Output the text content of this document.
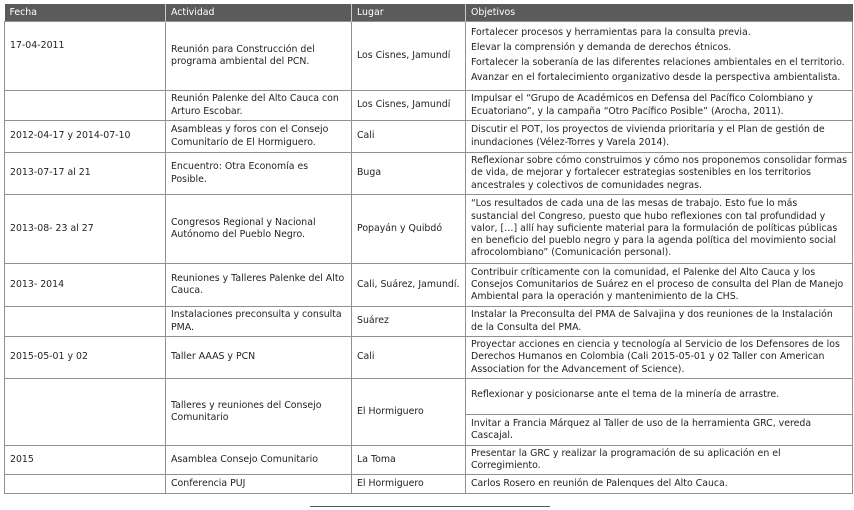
Fecha	Actividad	Lugar	Objetivos
17-04-2011	Reunión para Construcción del programa ambiental del PCN.	Los Cisnes, Jamundí	Fortalecer procesos y herramientas para la consulta previa.
Elevar la comprensión y demanda de derechos étnicos.
Fortalecer la soberanía de las diferentes relaciones ambientales en el territorio.
Avanzar en el fortalecimiento organizativo desde la perspectiva ambientalista.

	Reunión Palenke del Alto Cauca con Arturo Escobar.	Los Cisnes, Jamundí	Impulsar el “Grupo de Académicos en Defensa del Pacífico Colombiano y Ecuatoriano”, y la campaña “Otro Pacífico Posible” (Arocha, 2011).
2012-04-17 y 2014-07-10	Asambleas y foros con el Consejo Comunitario de El Hormiguero.	Cali	Discutir el POT, los proyectos de vivienda prioritaria y el Plan de gestión de inundaciones (Vélez-Torres y Varela 2014).
2013-07-17 al 21	Encuentro: Otra Economía es Posible.	Buga	Reflexionar sobre cómo construimos y cómo nos proponemos consolidar formas de vida, de mejorar y fortalecer estrategias sostenibles en los territorios ancestrales y colectivos de comunidades negras.
2013-08- 23 al 27	Congresos Regional y Nacional Autónomo del Pueblo Negro.	Popayán y Quibdó	“Los resultados de cada una de las mesas de trabajo. Esto fue lo más sustancial del Congreso, puesto que hubo reflexiones con tal profundidad y valor, […] allí hay suficiente material para la formulación de políticas públicas en beneficio del pueblo negro y para la agenda política del movimiento social afrocolombiano” (Comunicación personal).
2013- 2014	Reuniones y Talleres Palenke del Alto Cauca.	Cali, Suárez, Jamundí.	Contribuir críticamente con la comunidad, el Palenke del Alto Cauca y los Consejos Comunitarios de Suárez en el proceso de consulta del Plan de Manejo Ambiental para la operación y mantenimiento de la CHS.
	Instalaciones preconsulta y consulta PMA.	Suárez	Instalar la Preconsulta del PMA de Salvajina y dos reuniones de la Instalación de la Consulta del PMA.
2015-05-01 y 02	Taller AAAS y PCN	Cali	Proyectar acciones en ciencia y tecnología al Servicio de los Defensores de los Derechos Humanos en Colombia (Cali 2015-05-01 y 02 Taller con American Association for the Advancement of Science).
	Talleres y reuniones del Consejo Comunitario	El Hormiguero	Reflexionar y posicionarse ante el tema de la minería de arrastre.
Invitar a Francia Márquez al Taller de uso de la herramienta GRC, vereda Cascajal.

2015	Asamblea Consejo Comunitario	La Toma	Presentar la GRC y realizar la programación de su aplicación en el Corregimiento.
	Conferencia PUJ	El Hormiguero	Carlos Rosero en reunión de Palenques del Alto Cauca.
